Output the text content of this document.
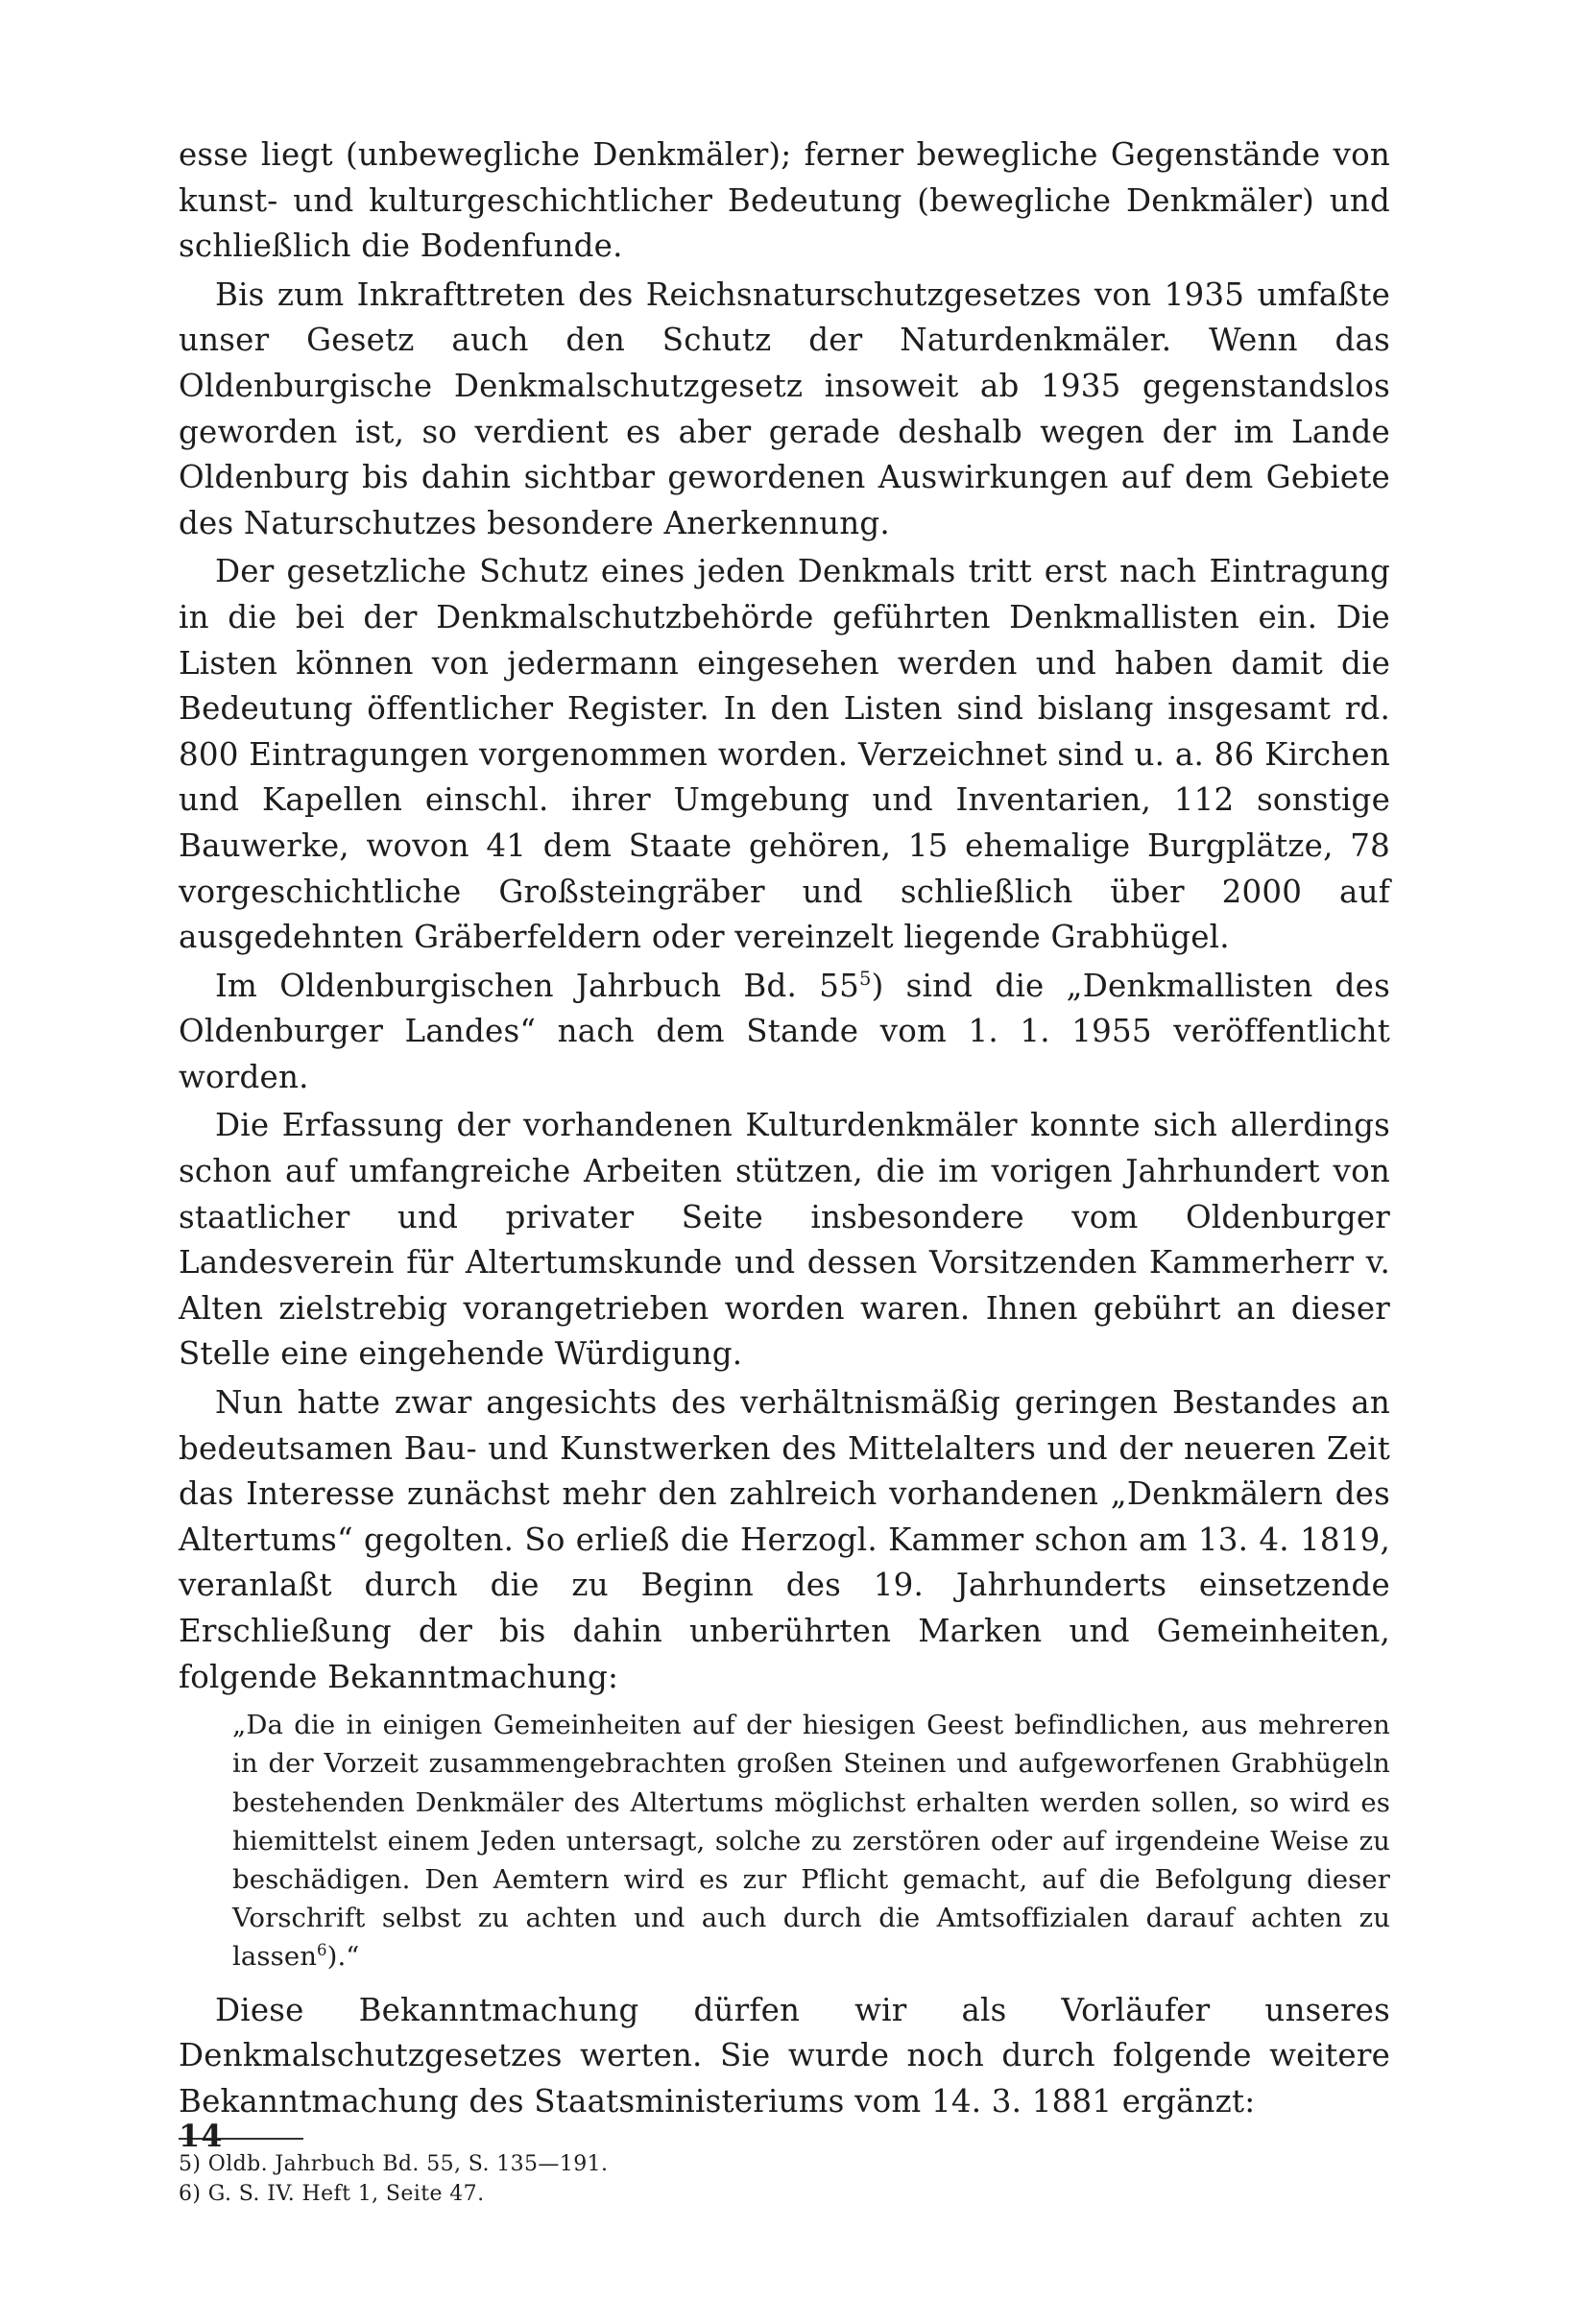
esse liegt (unbewegliche Denkmäler); ferner bewegliche Gegenstände von kunst- und kulturgeschichtlicher Bedeutung (bewegliche Denkmäler) und schließlich die Bodenfunde.

Bis zum Inkrafttreten des Reichsnaturschutzgesetzes von 1935 umfaßte unser Gesetz auch den Schutz der Naturdenkmäler. Wenn das Oldenburgische Denkmalschutzgesetz insoweit ab 1935 gegenstandslos geworden ist, so verdient es aber gerade deshalb wegen der im Lande Oldenburg bis dahin sichtbar gewordenen Auswirkungen auf dem Gebiete des Naturschutzes besondere Anerkennung.

Der gesetzliche Schutz eines jeden Denkmals tritt erst nach Eintragung in die bei der Denkmalschutzbehörde geführten Denkmallisten ein. Die Listen können von jedermann eingesehen werden und haben damit die Bedeutung öffentlicher Register. In den Listen sind bislang insgesamt rd. 800 Eintragungen vorgenommen worden. Verzeichnet sind u. a. 86 Kirchen und Kapellen einschl. ihrer Umgebung und Inventarien, 112 sonstige Bauwerke, wovon 41 dem Staate gehören, 15 ehemalige Burgplätze, 78 vorgeschichtliche Großsteingräber und schließlich über 2000 auf ausgedehnten Gräberfeldern oder vereinzelt liegende Grabhügel.

Im Oldenburgischen Jahrbuch Bd. $55^5$) sind die „Denkmallisten des Oldenburger Landes“ nach dem Stande vom 1. 1. 1955 veröffentlicht worden.

Die Erfassung der vorhandenen Kulturdenkmäler konnte sich allerdings schon auf umfangreiche Arbeiten stützen, die im vorigen Jahrhundert von staatlicher und privater Seite insbesondere vom Oldenburger Landesverein für Altertumskunde und dessen Vorsitzenden Kammerherr v. Alten zielstrebig vorangetrieben worden waren. Ihnen gebührt an dieser Stelle eine eingehende Würdigung.

Nun hatte zwar angesichts des verhältnismäßig geringen Bestandes an bedeutsamen Bau- und Kunstwerken des Mittelalters und der neueren Zeit das Interesse zunächst mehr den zahlreich vorhandenen „Denkmälern des Altertums“ gegolten. So erließ die Herzogl. Kammer schon am 13. 4. 1819, veranlaßt durch die zu Beginn des 19. Jahrhunderts einsetzende Erschließung der bis dahin unberührten Marken und Gemeinheiten, folgende Bekanntmachung:

„Da die in einigen Gemeinheiten auf der hiesigen Geest befindlichen, aus mehreren in der Vorzeit zusammengebrachten großen Steinen und aufgeworfenen Grabhügeln bestehenden Denkmäler des Altertums möglichst erhalten werden sollen, so wird es hiemittelst einem Jeden untersagt, solche zu zerstören oder auf irgendeine Weise zu beschädigen. Den Aemtern wird es zur Pflicht gemacht, auf die Befolgung dieser Vorschrift selbst zu achten und auch durch die Amtsoffizialen darauf achten zu lassen$^6$).“

Diese Bekanntmachung dürfen wir als Vorläufer unseres Denkmalschutzgesetzes werten. Sie wurde noch durch folgende weitere Bekanntmachung des Staatsministeriums vom 14. 3. 1881 ergänzt:

5) Oldb. Jahrbuch Bd. 55, S. 135—191.

6) G. S. IV. Heft 1, Seite 47.

14
